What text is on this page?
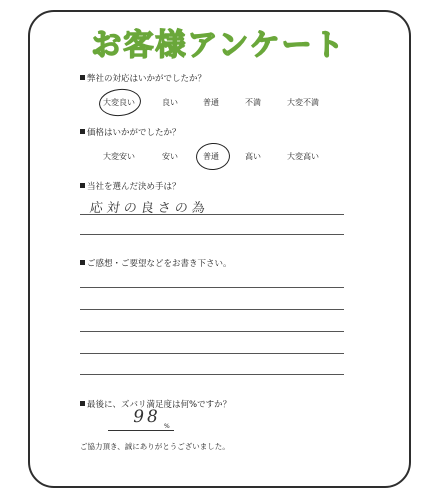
お客様アンケート
弊社の対応はいかがでしたか？
大変良い	良い	普通	不満	大変不満
価格はいかがでしたか？
大変安い	安い	普通	高い	大変高い
当社を選んだ決め手は？
応対の良さの為
ご感想・ご要望などをお書き下さい。
最後に、ズバリ満足度は何%ですか？
98 %
ご協力頂き、誠にありがとうございました。
